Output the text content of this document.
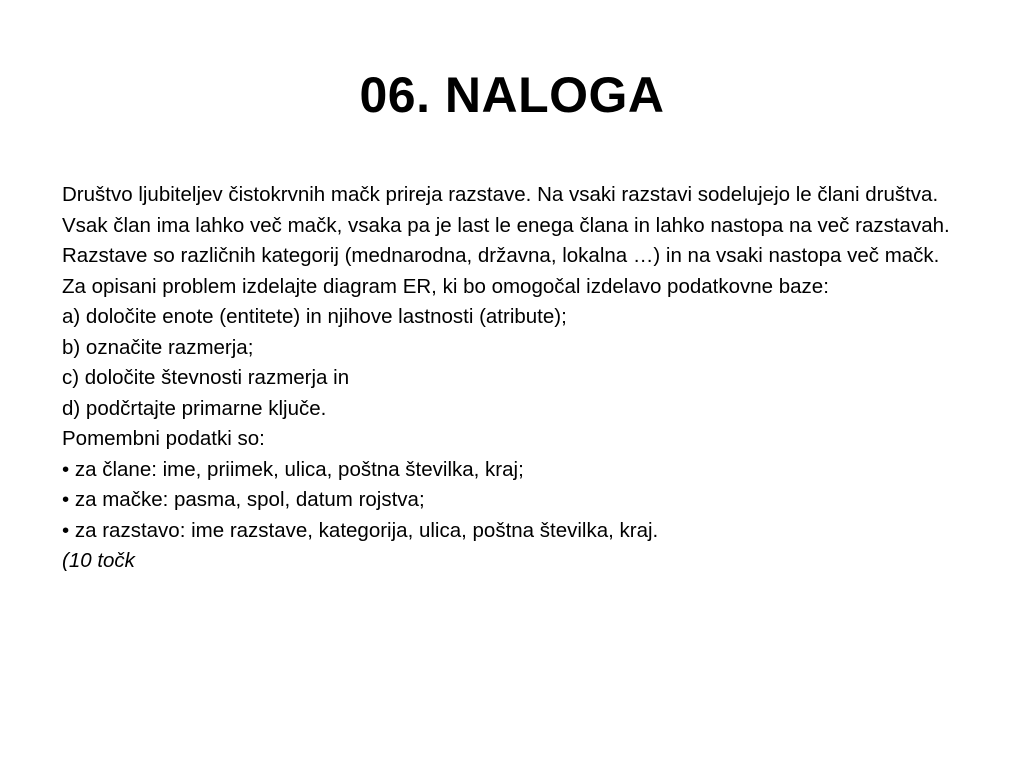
06. NALOGA

Društvo ljubiteljev čistokrvnih mačk prireja razstave. Na vsaki razstavi sodelujejo le člani društva.

Vsak član ima lahko več mačk, vsaka pa je last le enega člana in lahko nastopa na več razstavah.

Razstave so različnih kategorij (mednarodna, državna, lokalna …) in na vsaki nastopa več mačk.

Za opisani problem izdelajte diagram ER, ki bo omogočal izdelavo podatkovne baze:

a) določite enote (entitete) in njihove lastnosti (atribute);

b) označite razmerja;

c) določite števnosti razmerja in

d) podčrtajte primarne ključe.

Pomembni podatki so:

• za člane: ime, priimek, ulica, poštna številka, kraj;

• za mačke: pasma, spol, datum rojstva;

• za razstavo: ime razstave, kategorija, ulica, poštna številka, kraj.

(10 točk
